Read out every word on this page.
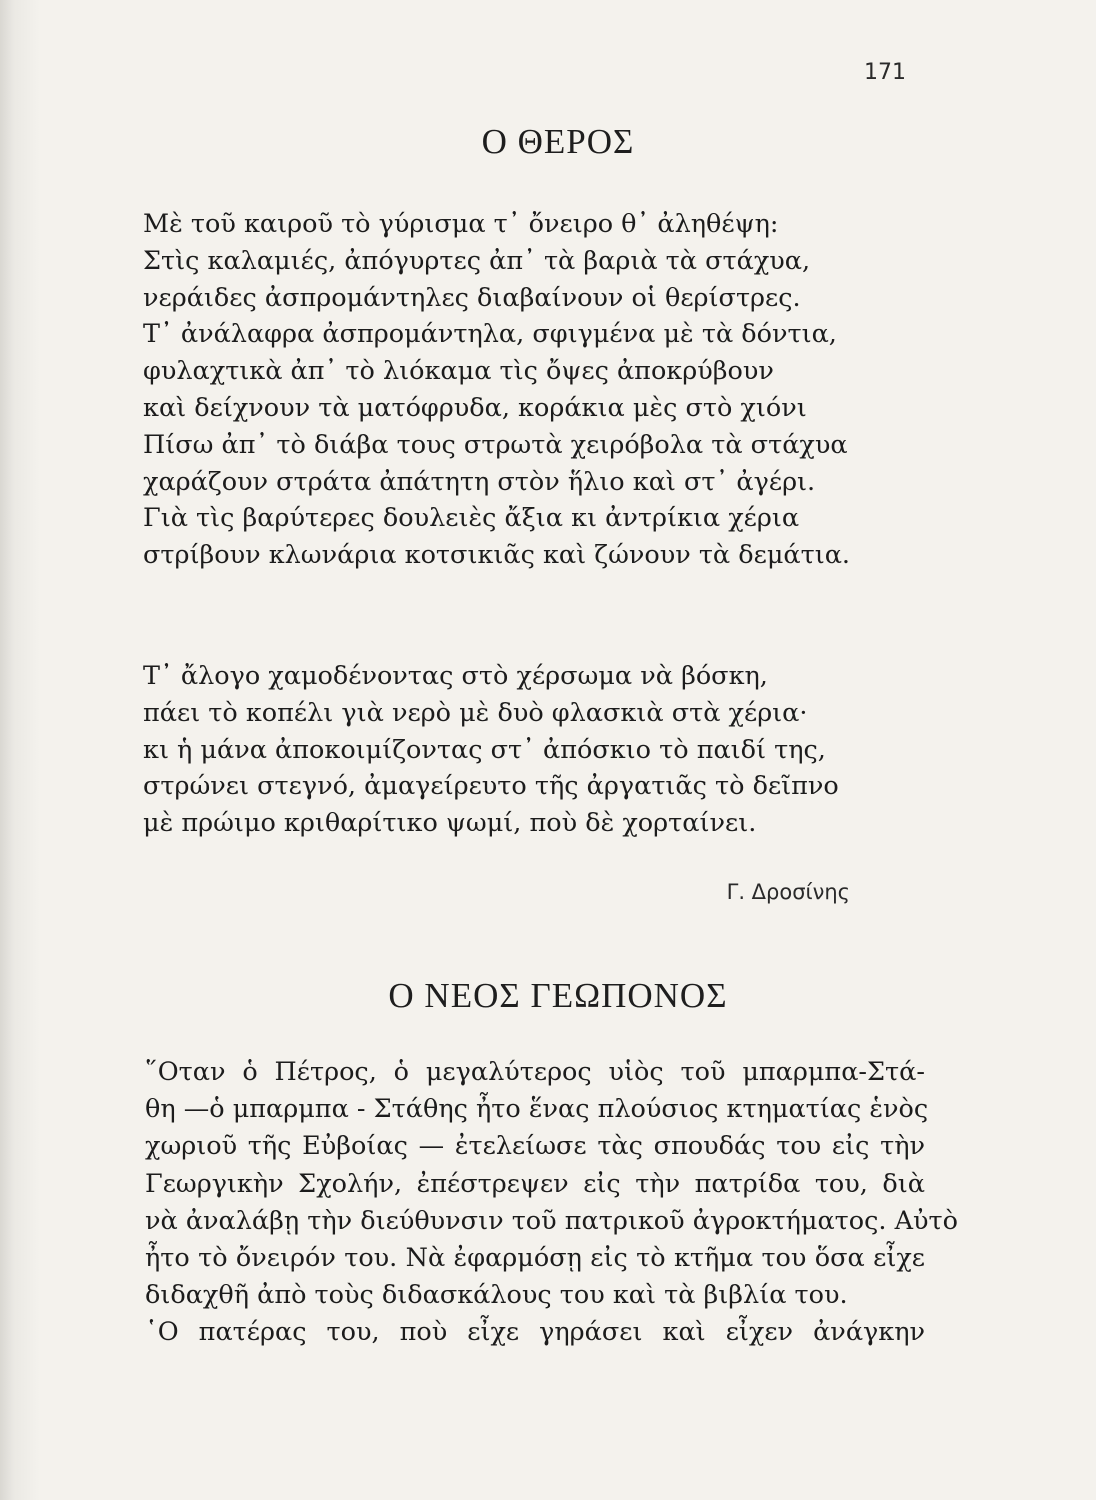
171
Ο ΘΕΡΟΣ
Μὲ τοῦ καιροῦ τὸ γύρισμα τ᾽ ὄνειρο θ᾽ ἀληθέψη:
Στὶς καλαμιές, ἀπόγυρτες ἀπ᾽ τὰ βαριὰ τὰ στάχυα,
νεράιδες ἀσπρομάντηλες διαβαίνουν οἱ θερίστρες.
Τ᾽ ἀνάλαφρα ἀσπρομάντηλα, σφιγμένα μὲ τὰ δόντια,
φυλαχτικὰ ἀπ᾽ τὸ λιόκαμα τὶς ὄψες ἀποκρύβουν
καὶ δείχνουν τὰ ματόφρυδα, κοράκια μὲς στὸ χιόνι
Πίσω ἀπ᾽ τὸ διάβα τους στρωτὰ χειρόβολα τὰ στάχυα
χαράζουν στράτα ἀπάτητη στὸν ἥλιο καὶ στ᾽ ἀγέρι.
Γιὰ τὶς βαρύτερες δουλειὲς ἄξια κι ἀντρίκια χέρια
στρίβουν κλωνάρια κοτσικιᾶς καὶ ζώνουν τὰ δεμάτια.
Τ᾽ ἄλογο χαμοδένοντας στὸ χέρσωμα νὰ βόσκη,
πάει τὸ κοπέλι γιὰ νερὸ μὲ δυὸ φλασκιὰ στὰ χέρια·
κι ἡ μάνα ἀποκοιμίζοντας στ᾽ ἀπόσκιο τὸ παιδί της,
στρώνει στεγνό, ἀμαγείρευτο τῆς ἀργατιᾶς τὸ δεῖπνο
μὲ πρώιμο κριθαρίτικο ψωμί, ποὺ δὲ χορταίνει.
Γ. Δροσίνης
Ο ΝΕΟΣ ΓΕΩΠΟΝΟΣ
῞Οταν ὁ Πέτρος, ὁ μεγαλύτερος υἱὸς τοῦ μπαρμπα-Στά-
θη —ὁ μπαρμπα - Στάθης ἦτο ἕνας πλούσιος κτηματίας ἑνὸς
χωριοῦ τῆς Εὐβοίας — ἐτελείωσε τὰς σπουδάς του εἰς τὴν
Γεωργικὴν Σχολήν, ἐπέστρεψεν εἰς τὴν πατρίδα του, διὰ
νὰ ἀναλάβῃ τὴν διεύθυνσιν τοῦ πατρικοῦ ἀγροκτήματος. Αὐτὸ
ἦτο τὸ ὄνειρόν του. Νὰ ἐφαρμόσῃ εἰς τὸ κτῆμα του ὅσα εἶχε
διδαχθῆ ἀπὸ τοὺς διδασκάλους του καὶ τὰ βιβλία του.
῾Ο πατέρας του, ποὺ εἶχε γηράσει καὶ εἶχεν ἀνάγκην
